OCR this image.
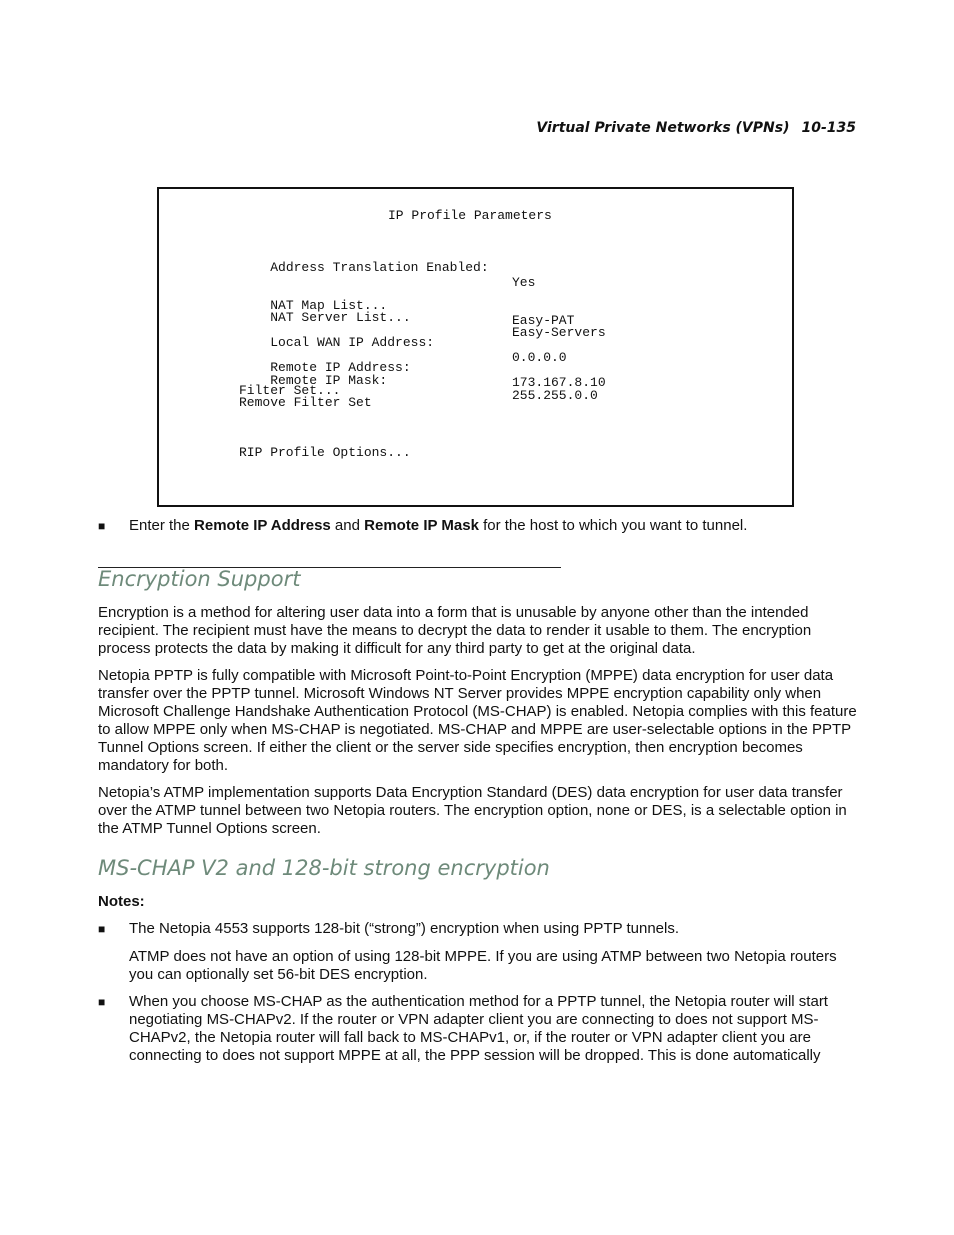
Virtual Private Networks (VPNs) 10-135
IP Profile Parameters

Address Translation Enabled:

Yes

NAT Map List...

Easy-PAT

NAT Server List...

Easy-Servers

Local WAN IP Address:

0.0.0.0

Remote IP Address:

173.167.8.10

Remote IP Mask:

255.255.0.0

Filter Set...
Remove Filter Set
RIP Profile Options...
■ Enter the Remote IP Address and Remote IP Mask for the host to which you want to tunnel.
Encryption Support

Encryption is a method for altering user data into a form that is unusable by anyone other than the intended recipient. The recipient must have the means to decrypt the data to render it usable to them. The encryption process protects the data by making it difficult for any third party to get at the original data.

Netopia PPTP is fully compatible with Microsoft Point-to-Point Encryption (MPPE) data encryption for user data transfer over the PPTP tunnel. Microsoft Windows NT Server provides MPPE encryption capability only when Microsoft Challenge Handshake Authentication Protocol (MS-CHAP) is enabled. Netopia complies with this feature to allow MPPE only when MS-CHAP is negotiated. MS-CHAP and MPPE are user-selectable options in the PPTP Tunnel Options screen. If either the client or the server side specifies encryption, then encryption becomes mandatory for both.

Netopia’s ATMP implementation supports Data Encryption Standard (DES) data encryption for user data transfer over the ATMP tunnel between two Netopia routers. The encryption option, none or DES, is a selectable option in the ATMP Tunnel Options screen.

MS-CHAP V2 and 128-bit strong encryption
Notes:
■ The Netopia 4553 supports 128-bit (“strong”) encryption when using PPTP tunnels.
ATMP does not have an option of using 128-bit MPPE. If you are using ATMP between two Netopia routers you can optionally set 56-bit DES encryption.
■ When you choose MS-CHAP as the authentication method for a PPTP tunnel, the Netopia router will start negotiating MS-CHAPv2. If the router or VPN adapter client you are connecting to does not support MS-CHAPv2, the Netopia router will fall back to MS-CHAPv1, or, if the router or VPN adapter client you are connecting to does not support MPPE at all, the PPP session will be dropped. This is done automatically
